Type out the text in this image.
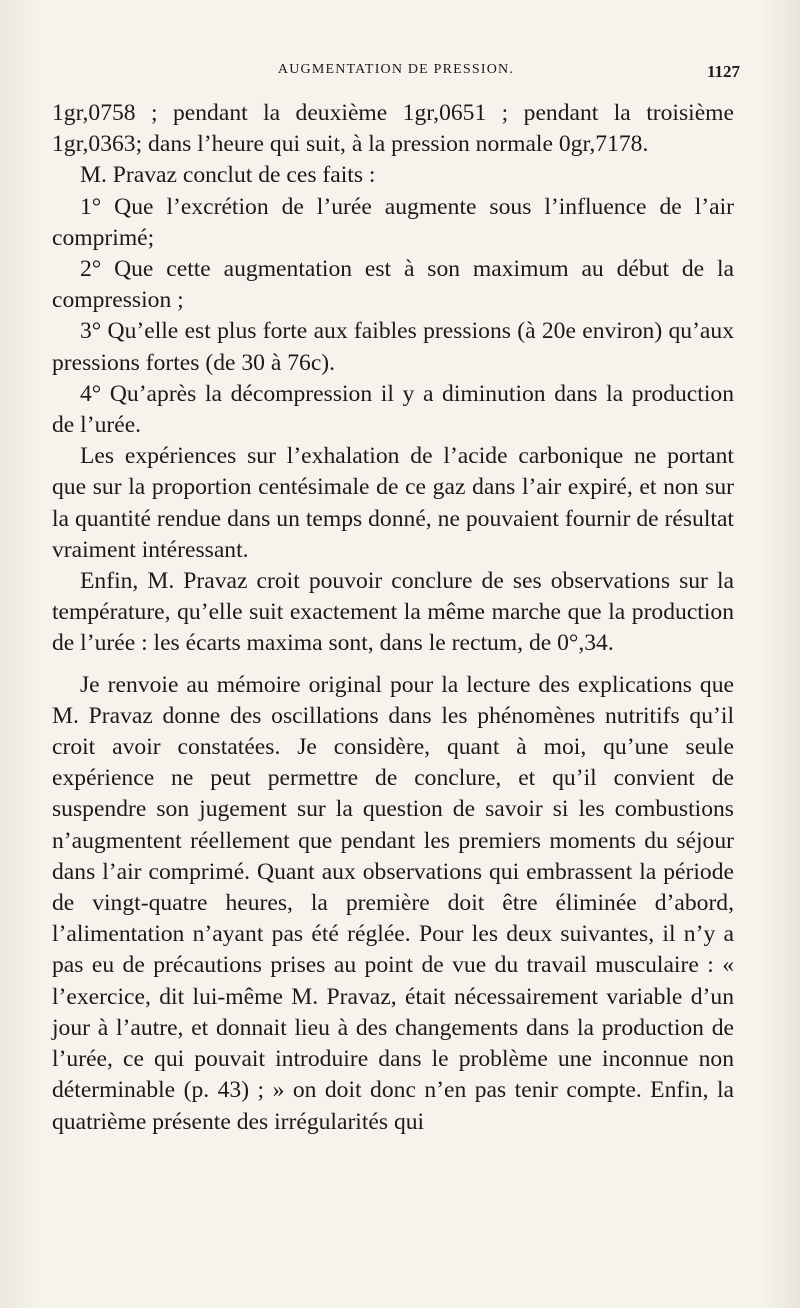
AUGMENTATION DE PRESSION.	1127

1gr,0758 ; pendant la deuxième 1gr,0651 ; pendant la troisième 1gr,0363; dans l’heure qui suit, à la pression normale 0gr,7178.

M. Pravaz conclut de ces faits :

1° Que l’excrétion de l’urée augmente sous l’influence de l’air comprimé;

2° Que cette augmentation est à son maximum au début de la compression ;

3° Qu’elle est plus forte aux faibles pressions (à 20e environ) qu’aux pressions fortes (de 30 à 76c).

4° Qu’après la décompression il y a diminution dans la production de l’urée.

Les expériences sur l’exhalation de l’acide carbonique ne portant que sur la proportion centésimale de ce gaz dans l’air expiré, et non sur la quantité rendue dans un temps donné, ne pouvaient fournir de résultat vraiment intéressant.

Enfin, M. Pravaz croit pouvoir conclure de ses observations sur la température, qu’elle suit exactement la même marche que la production de l’urée : les écarts maxima sont, dans le rectum, de 0°,34.

Je renvoie au mémoire original pour la lecture des explications que M. Pravaz donne des oscillations dans les phénomènes nutritifs qu’il croit avoir constatées. Je considère, quant à moi, qu’une seule expérience ne peut permettre de conclure, et qu’il convient de suspendre son jugement sur la question de savoir si les combustions n’augmentent réellement que pendant les premiers moments du séjour dans l’air comprimé. Quant aux observations qui embrassent la période de vingt-quatre heures, la première doit être éliminée d’abord, l’alimentation n’ayant pas été réglée. Pour les deux suivantes, il n’y a pas eu de précautions prises au point de vue du travail musculaire : « l’exercice, dit lui-même M. Pravaz, était nécessairement variable d’un jour à l’autre, et donnait lieu à des changements dans la production de l’urée, ce qui pouvait introduire dans le problème une inconnue non déterminable (p. 43) ; » on doit donc n’en pas tenir compte. Enfin, la quatrième présente des irrégularités qui
